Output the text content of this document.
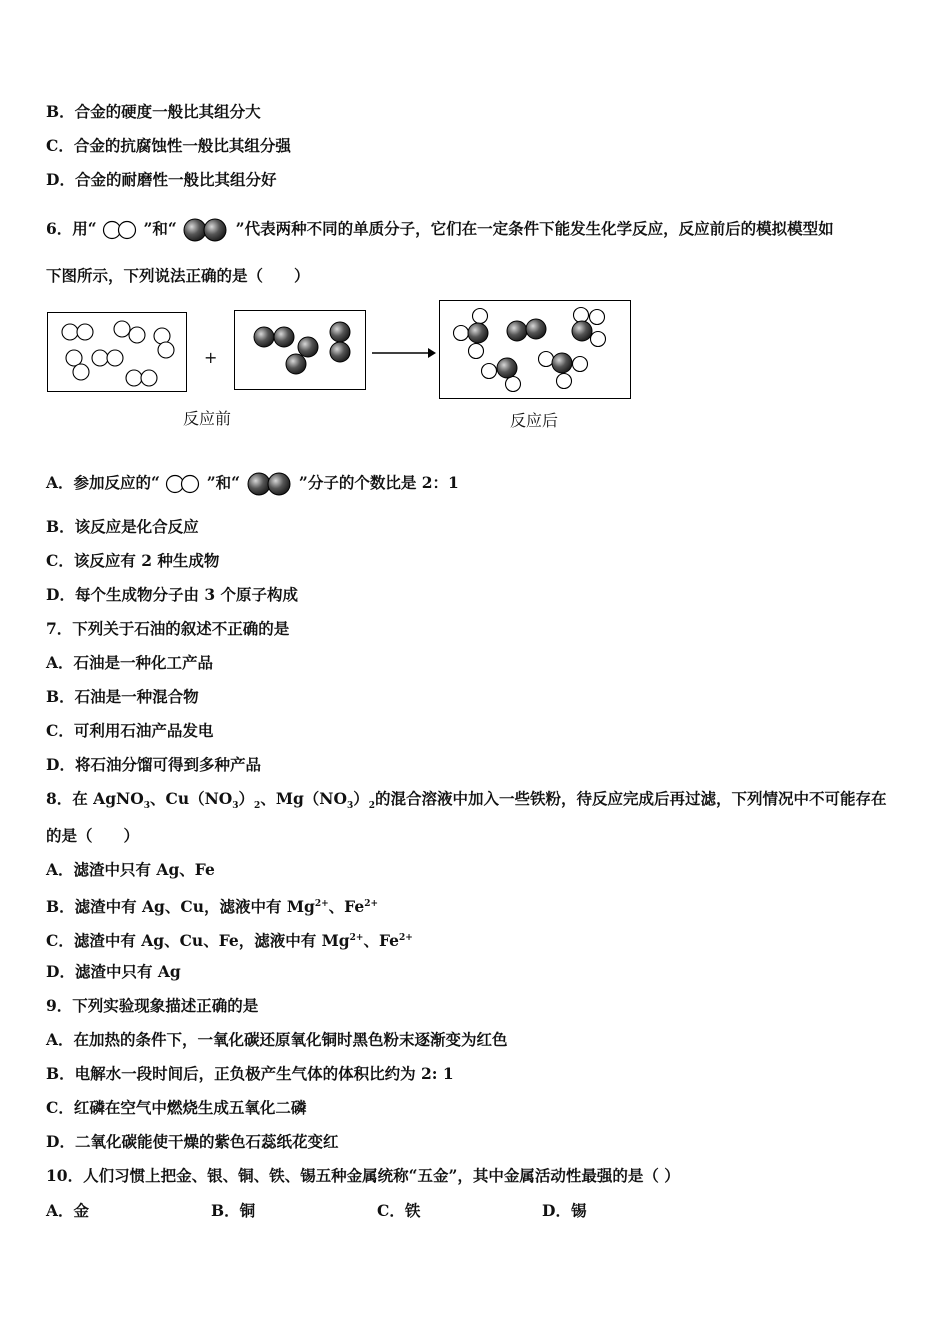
B．合金的硬度一般比其组分大
C．合金的抗腐蚀性一般比其组分强
D．合金的耐磨性一般比其组分好
6．用“	”和“	”代表两种不同的单质分子，它们在一定条件下能发生化学反应，反应前后的模拟模型如
下图所示，下列说法正确的是（　　）
+
反应前	反应后
A．参加反应的“	”和“	”分子的个数比是 2：1
B．该反应是化合反应
C．该反应有 2 种生成物
D．每个生成物分子由 3 个原子构成
7．下列关于石油的叙述不正确的是
A．石油是一种化工产品
B．石油是一种混合物
C．可利用石油产品发电
D．将石油分馏可得到多种产品
8．在 AgNO$_3$、$Cu(NO_3)_2$、$Mg(NO_3)_2$的混合溶液中加入一些铁粉，待反应完成后再过滤，下列情况中不可能存在
的是（　　）
A．滤渣中只有 Ag、Fe
B．滤渣中有 Ag、Cu，滤液中有 $Mg^{2+}$、$Fe^{2+}$
C．滤渣中有 Ag、Cu、Fe，滤液中有 $Mg^{2+}$、$Fe^{2+}$
D．滤渣中只有 Ag
9．下列实验现象描述正确的是
A．在加热的条件下，一氧化碳还原氧化铜时黑色粉末逐渐变为红色
B．电解水一段时间后，正负极产生气体的体积比约为 2: 1
C．红磷在空气中燃烧生成五氧化二磷
D．二氧化碳能使干燥的紫色石蕊纸花变红
10．人们习惯上把金、银、铜、铁、锡五种金属统称“五金”，其中金属活动性最强的是（ ）
A．金	B．铜	C．铁	D．锡
